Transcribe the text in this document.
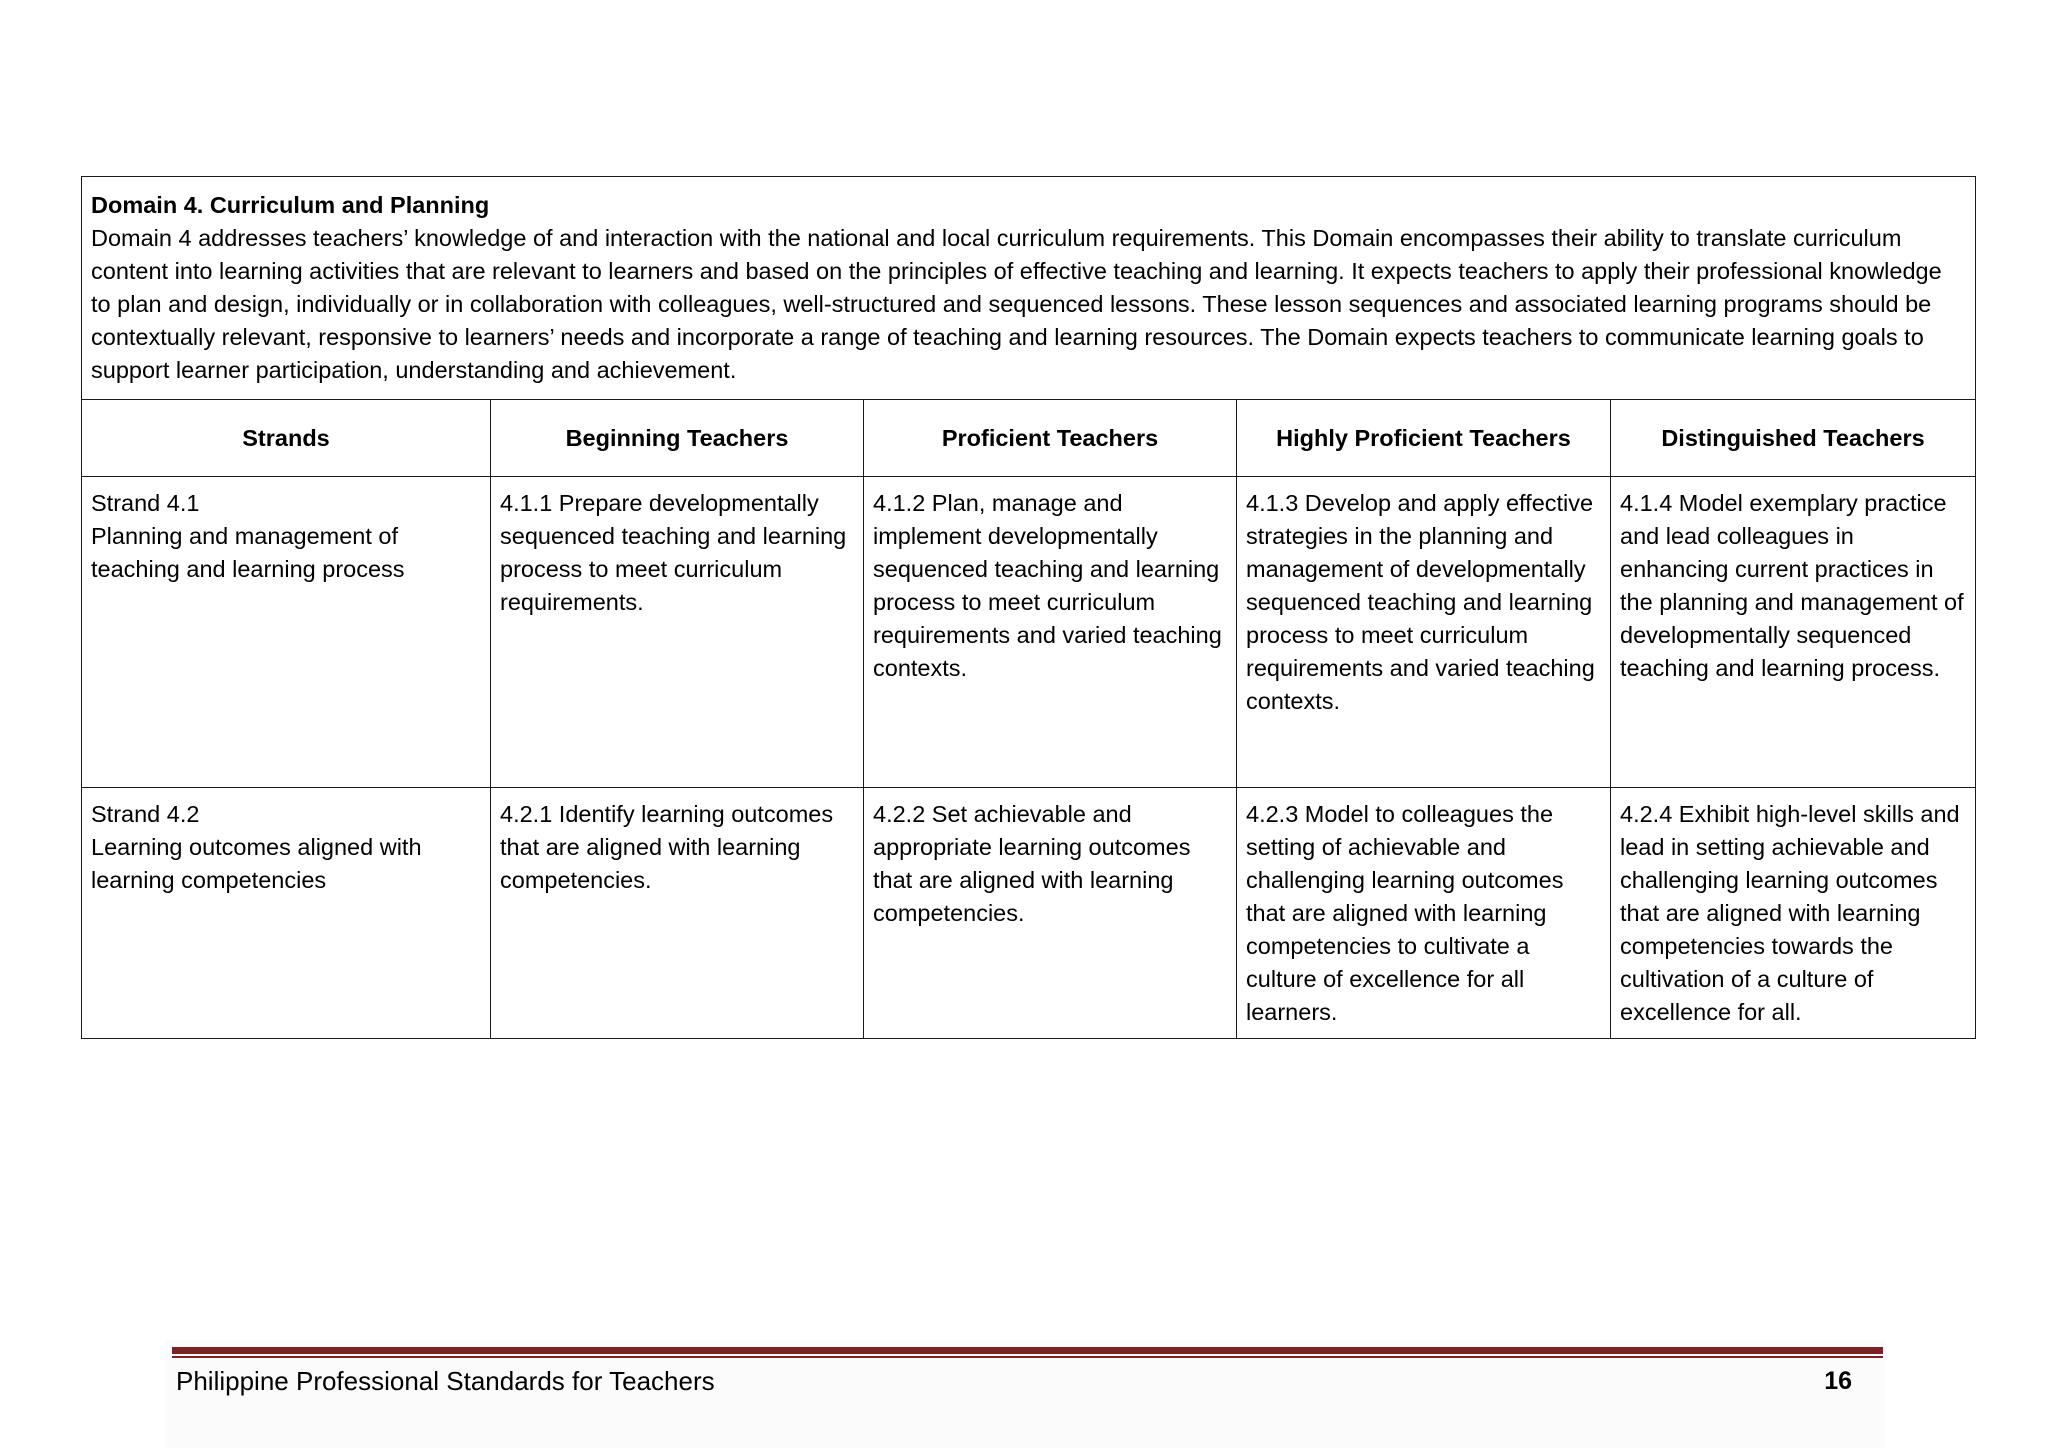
Domain 4. Curriculum and Planning
Domain 4 addresses teachers’ knowledge of and interaction with the national and local curriculum requirements. This Domain encompasses their ability to translate curriculum content into learning activities that are relevant to learners and based on the principles of effective teaching and learning. It expects teachers to apply their professional knowledge to plan and design, individually or in collaboration with colleagues, well-structured and sequenced lessons. These lesson sequences and associated learning programs should be contextually relevant, responsive to learners’ needs and incorporate a range of teaching and learning resources. The Domain expects teachers to communicate learning goals to support learner participation, understanding and achievement.				

Strands	Beginning Teachers	Proficient Teachers	Highly Proficient Teachers	Distinguished Teachers

Strand 4.1
Planning and management of teaching and learning process	4.1.1 Prepare developmentally sequenced teaching and learning process to meet curriculum requirements.	4.1.2 Plan, manage and implement developmentally sequenced teaching and learning process to meet curriculum requirements and varied teaching contexts.	4.1.3 Develop and apply effective strategies in the planning and management of developmentally sequenced teaching and learning process to meet curriculum requirements and varied teaching contexts.	4.1.4 Model exemplary practice and lead colleagues in enhancing current practices in the planning and management of developmentally sequenced teaching and learning process.

Strand 4.2
Learning outcomes aligned with learning competencies	4.2.1 Identify learning outcomes that are aligned with learning competencies.	4.2.2 Set achievable and appropriate learning outcomes that are aligned with learning competencies.	4.2.3 Model to colleagues the setting of achievable and challenging learning outcomes that are aligned with learning competencies to cultivate a culture of excellence for all learners.	4.2.4 Exhibit high-level skills and lead in setting achievable and challenging learning outcomes that are aligned with learning competencies towards the cultivation of a culture of excellence for all.
Philippine Professional Standards for Teachers	16
